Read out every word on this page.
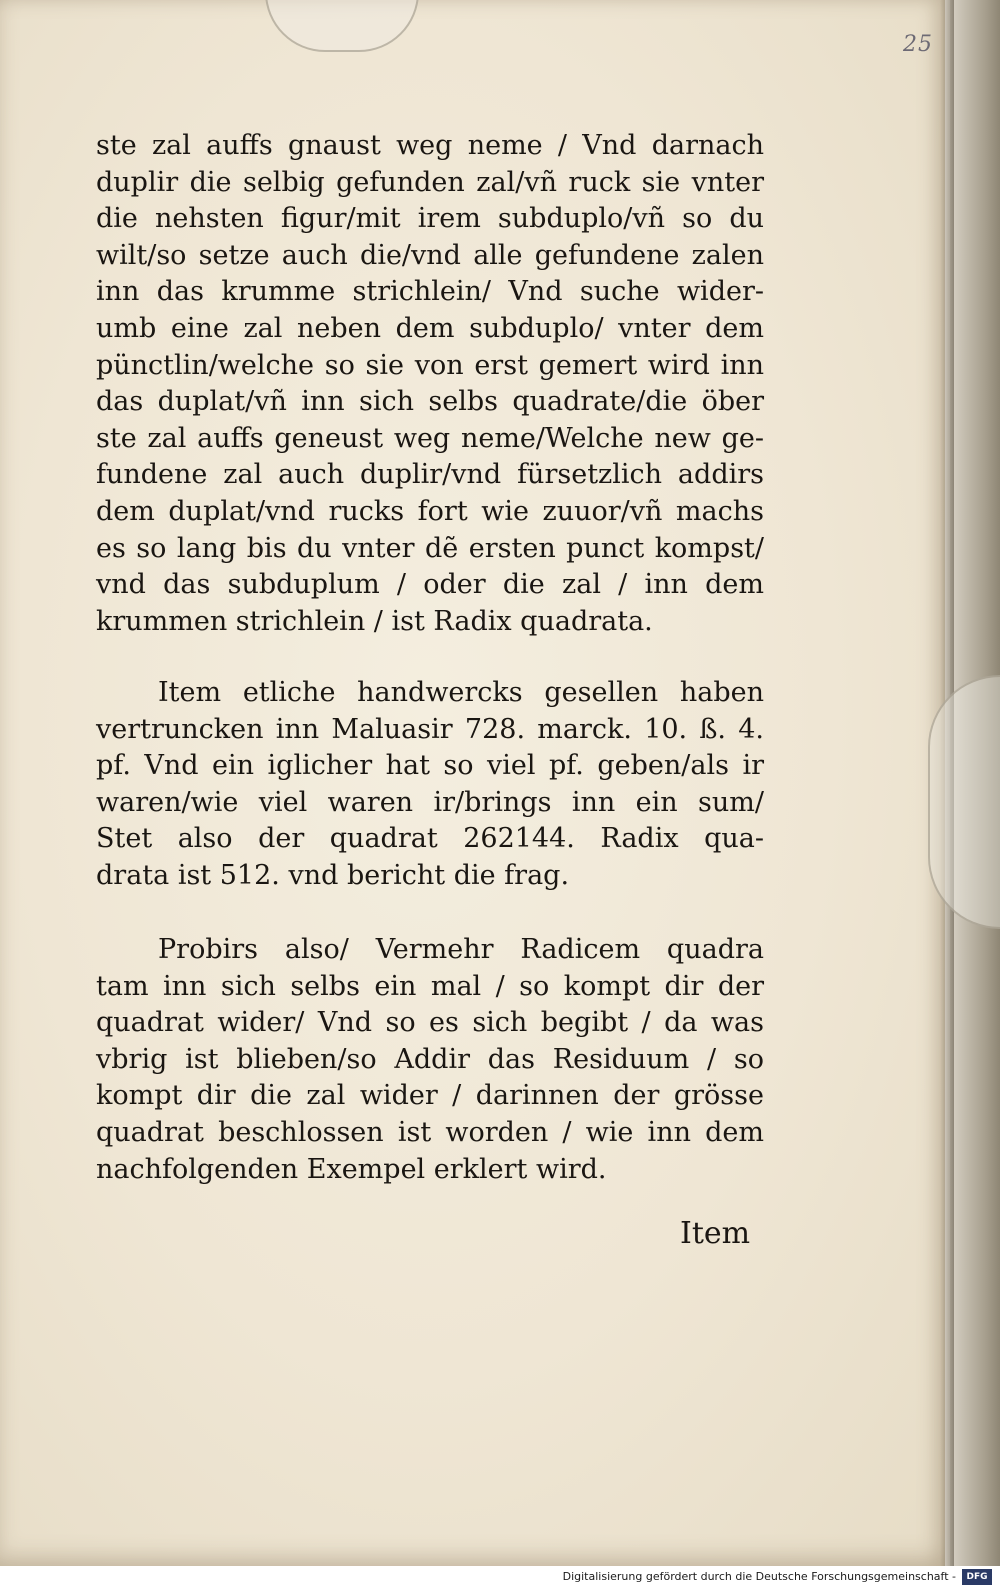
25
ste zal auffs gnaust weg neme / Vnd darnach
duplir die selbig gefunden zal/vñ ruck sie vnter
die nehsten figur/mit irem subduplo/vñ so du
wilt/so setze auch die/vnd alle gefundene zalen
inn das krumme strichlein/ Vnd suche wider-
umb eine zal neben dem subduplo/ vnter dem
pünctlin/welche so sie von erst gemert wird inn
das duplat/vñ inn sich selbs quadrate/die öber
ste zal auffs geneust weg neme/Welche new ge-
fundene zal auch duplir/vnd fürsetzlich addirs
dem duplat/vnd rucks fort wie zuuor/vñ machs
es so lang bis du vnter dẽ ersten punct kompst/
vnd das subduplum / oder die zal / inn dem
krummen strichlein / ist Radix quadrata.
Item etliche handwercks gesellen haben
vertruncken inn Maluasir 728. marck. 10. ß. 4.
pf. Vnd ein iglicher hat so viel pf. geben/als ir
waren/wie viel waren ir/brings inn ein sum/
Stet also der quadrat 262144. Radix qua-
drata ist 512. vnd bericht die frag.
Probirs also/ Vermehr Radicem quadra
tam inn sich selbs ein mal / so kompt dir der
quadrat wider/ Vnd so es sich begibt / da was
vbrig ist blieben/so Addir das Residuum / so
kompt dir die zal wider / darinnen der grösse
quadrat beschlossen ist worden / wie inn dem
nachfolgenden Exempel erklert wird.
Item
Digitalisierung gefördert durch die Deutsche Forschungsgemeinschaft -	DFG
